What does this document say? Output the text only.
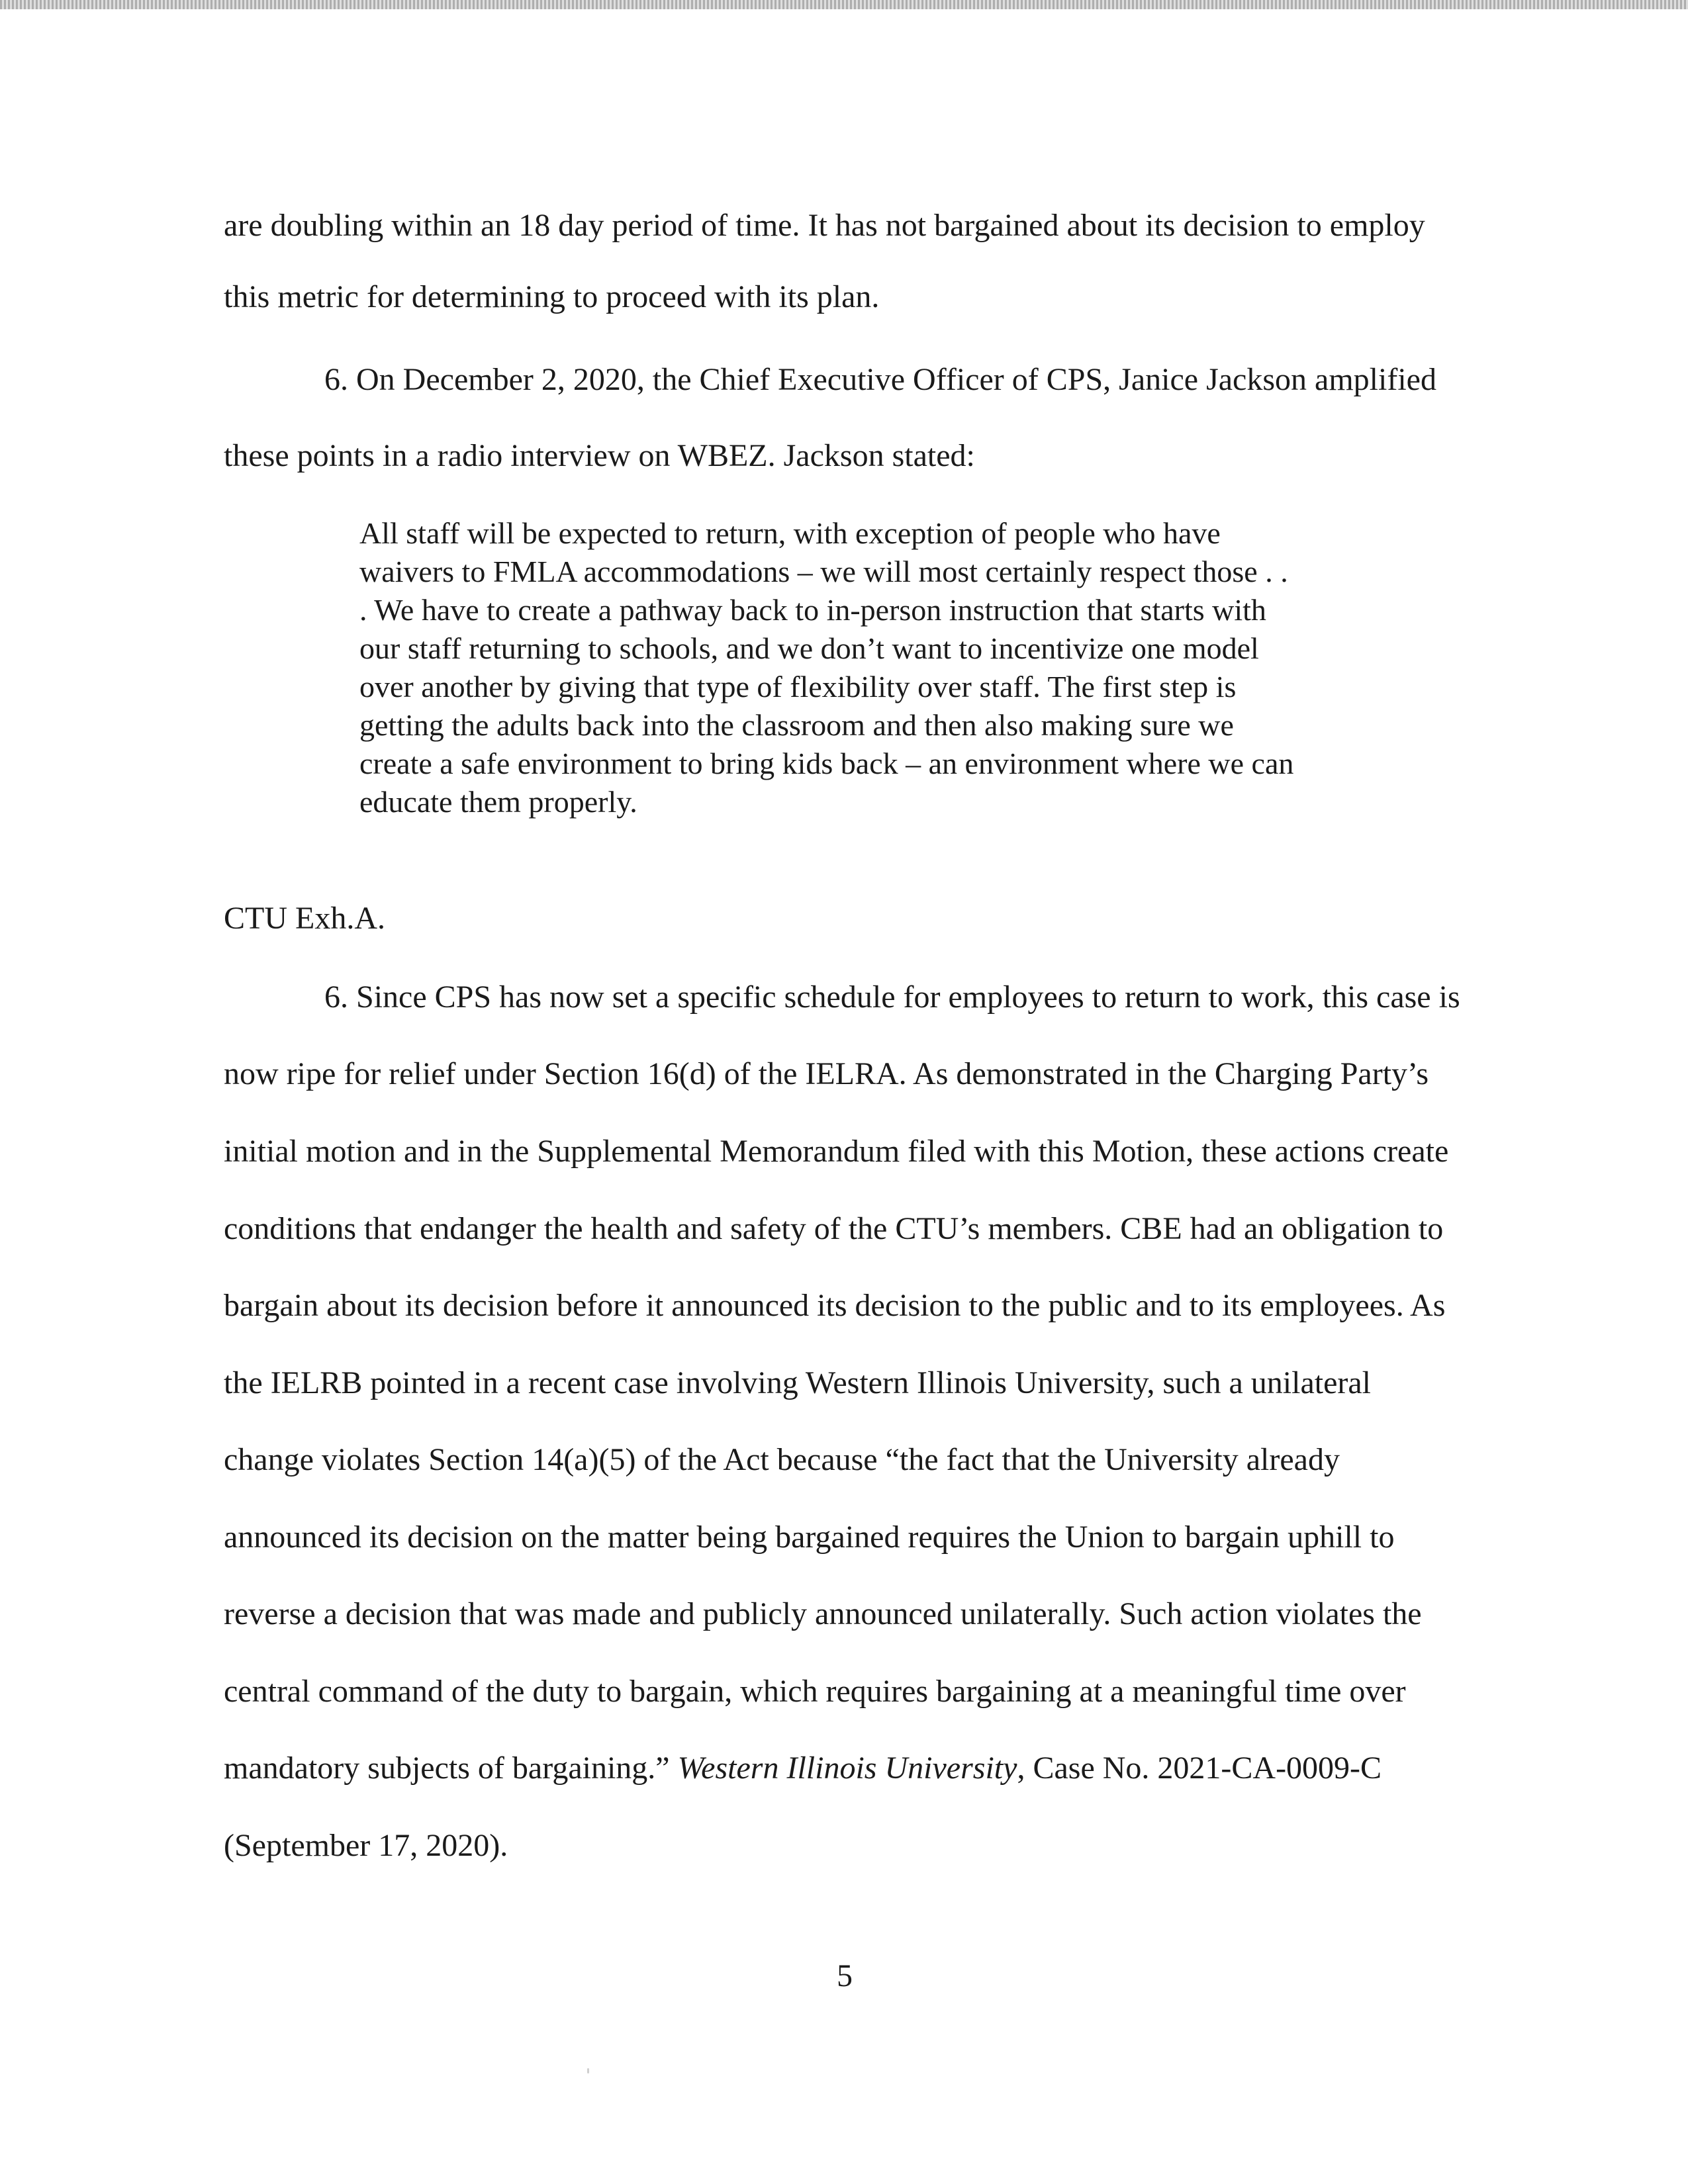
are doubling within an 18 day period of time. It has not bargained about its decision to employ

this metric for determining to proceed with its plan.

6. On December 2, 2020, the Chief Executive Officer of CPS, Janice Jackson amplified

these points in a radio interview on WBEZ. Jackson stated:

All staff will be expected to return, with exception of people who have

waivers to FMLA accommodations – we will most certainly respect those . .

. We have to create a pathway back to in-person instruction that starts with

our staff returning to schools, and we don’t want to incentivize one model

over another by giving that type of flexibility over staff. The first step is

getting the adults back into the classroom and then also making sure we

create a safe environment to bring kids back – an environment where we can

educate them properly.

CTU Exh.A.

6. Since CPS has now set a specific schedule for employees to return to work, this case is

now ripe for relief under Section 16(d) of the IELRA. As demonstrated in the Charging Party’s

initial motion and in the Supplemental Memorandum filed with this Motion, these actions create

conditions that endanger the health and safety of the CTU’s members. CBE had an obligation to

bargain about its decision before it announced its decision to the public and to its employees. As

the IELRB pointed in a recent case involving Western Illinois University, such a unilateral

change violates Section 14(a)(5) of the Act because “the fact that the University already

announced its decision on the matter being bargained requires the Union to bargain uphill to

reverse a decision that was made and publicly announced unilaterally. Such action violates the

central command of the duty to bargain, which requires bargaining at a meaningful time over

mandatory subjects of bargaining.” Western Illinois University, Case No. 2021-CA-0009-C

(September 17, 2020).

5
